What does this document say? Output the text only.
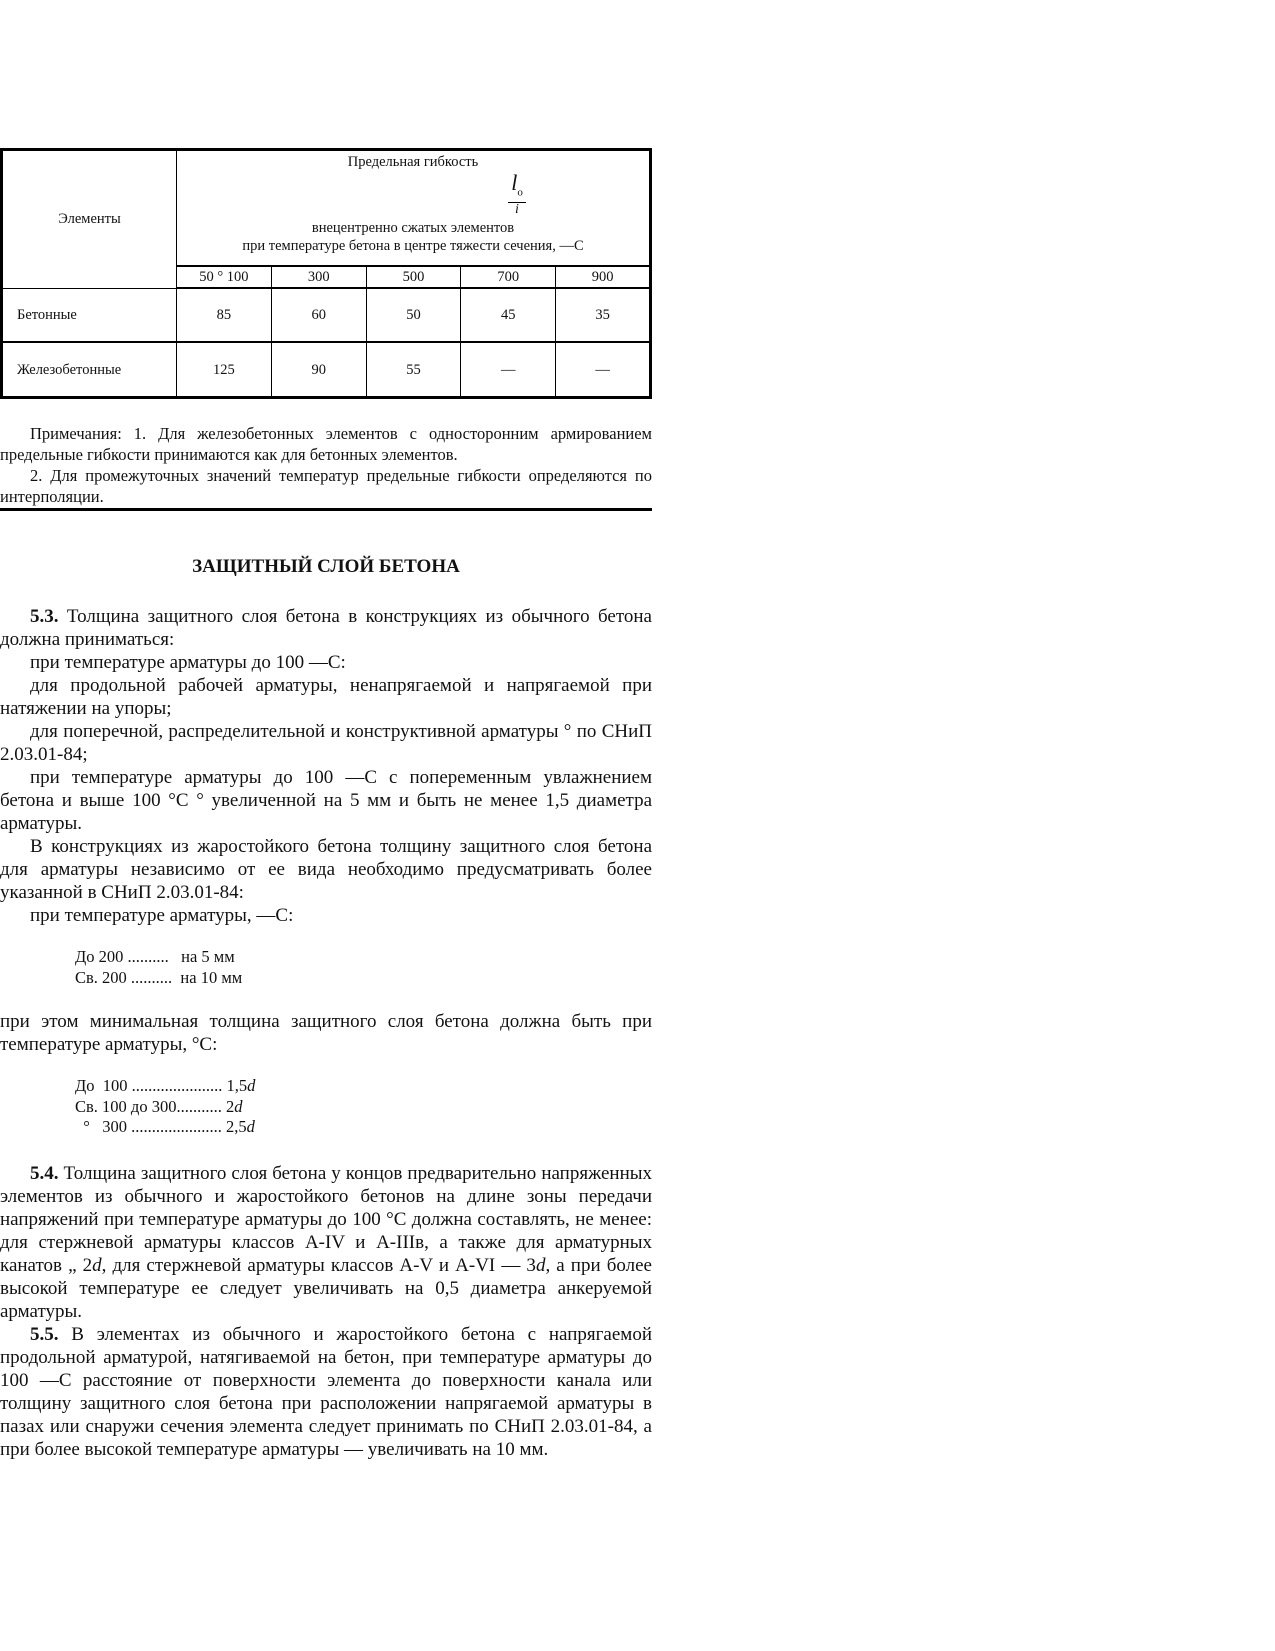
Элементы	Предельная гибкость
$l_o$
i
внецентренно сжатых элементов
при температуре бетона в центре тяжести сечения, —С				
	50 ° 100	300	500	700	900
Бетонные	85	60	50	45	35
Железобетонные	125	90	55	—	—

Примечания: 1. Для железобетонных элементов с односторонним армированием предельные гибкости принимаются как для бетонных элементов.

2. Для промежуточных значений температур предельные гибкости определяются по интерполяции.

ЗАЩИТНЫЙ СЛОЙ БЕТОНА

5.3. Толщина защитного слоя бетона в конструкциях из обычного бетона должна приниматься:

при температуре арматуры до 100 —С:

для продольной рабочей арматуры, ненапрягаемой и напрягаемой при натяжении на упоры;

для поперечной, распределительной и конструктивной арматуры ° по СНиП 2.03.01-84;

при температуре арматуры до 100 —С с попеременным увлажнением бетона и выше 100 °С ° увеличенной на 5 мм и быть не менее 1,5 диаметра арматуры.

В конструкциях из жаростойкого бетона толщину защитного слоя бетона для арматуры независимо от ее вида необходимо предусматривать более указанной в СНиП 2.03.01-84:

при температуре арматуры, —С:

До 200 ..........   на 5 мм
Св. 200 ..........  на 10 мм

при этом минимальная толщина защитного слоя бетона должна быть при температуре арматуры, °С:

До  100 ...................... 1,5d
Св. 100 до 300........... 2d
°   300 ...................... 2,5d

5.4. Толщина защитного слоя бетона у концов предварительно напряженных элементов из обычного и жаростойкого бетонов на длине зоны передачи напряжений при температуре арматуры до 100 °С должна составлять, не менее: для стержневой арматуры классов А-IV и А-IIIв, а также для арматурных канатов „ 2d, для стержневой арматуры классов А-V и А-VI — 3d, а при более высокой температуре ее следует увеличивать на 0,5 диаметра анкеруемой арматуры.

5.5. В элементах из обычного и жаростойкого бетона с напрягаемой продольной арматурой, натягиваемой на бетон, при температуре арматуры до 100 —С расстояние от поверхности элемента до поверхности канала или толщину защитного слоя бетона при расположении напрягаемой арматуры в пазах или снаружи сечения элемента следует принимать по СНиП 2.03.01-84, а при более высокой температуре арматуры — увеличивать на 10 мм.
